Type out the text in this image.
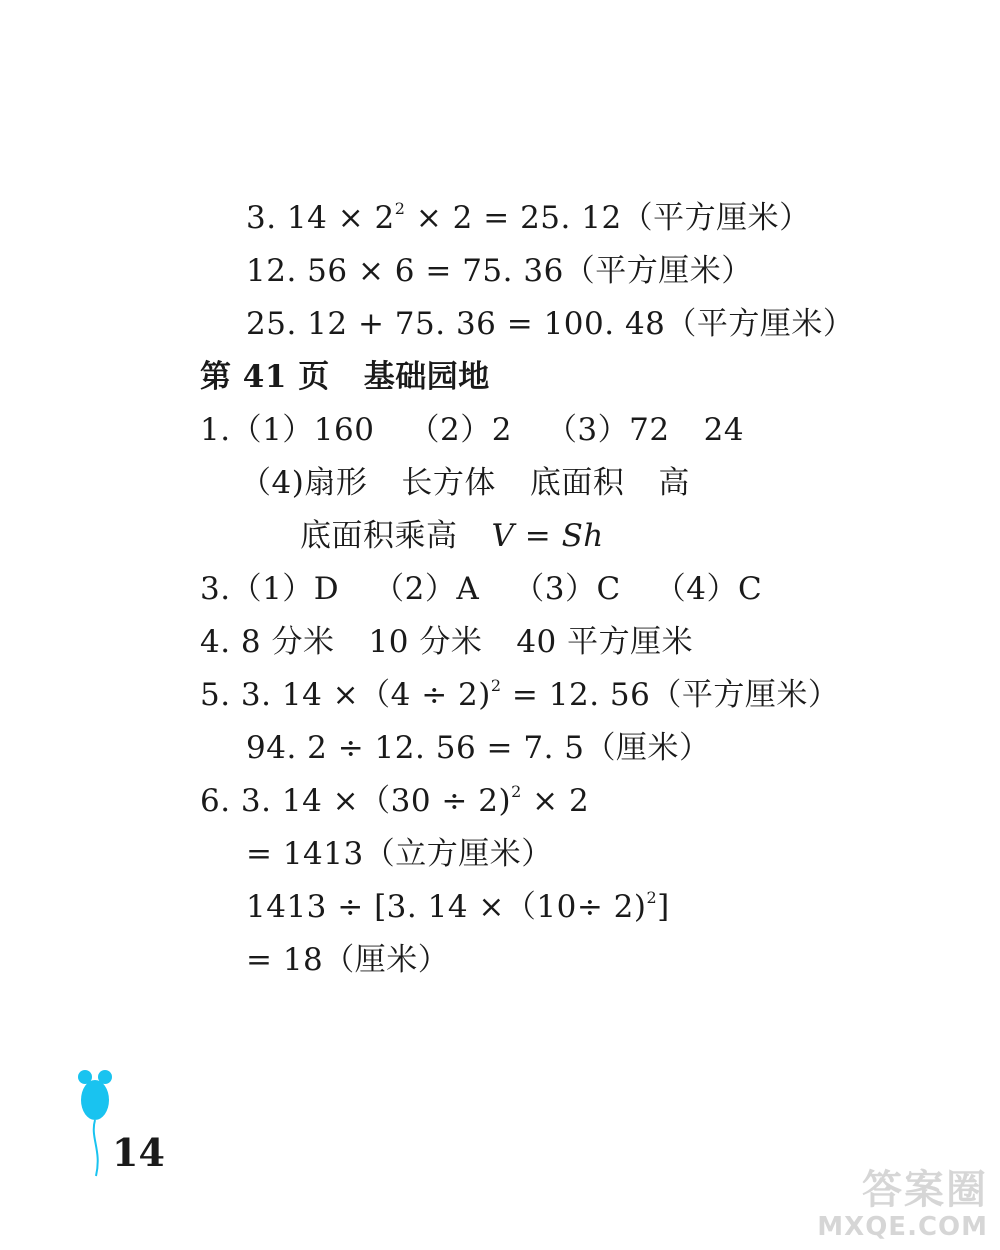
3. $14 \times 2^2 \times 2 = 25$. 12（平方厘米）
12. 56 × 6 = 75. 36（平方厘米）
25. 12 + 75. 36 = 100. 48（平方厘米）
第 41 页 基础园地
1.（1）160 （2）2 （3）72 24
（4)扇形 长方体 底面积 高
底面积乘高 V = Sh
3.（1）D （2）A （3）C （4）C
4. 8 分米 10 分米 40 平方厘米
5. 3. 14 ×（4 ÷ 2)$^2$ = 12. 56（平方厘米）
94. 2 ÷ 12. 56 = 7. 5（厘米）
6. 3. 14 ×（30 ÷ 2)$^2$ × 2
= 1413（立方厘米）
1413 ÷ [3. 14 ×（10÷ 2)$^2$]
= 18（厘米）
14
答案圈
MXQE.COM
